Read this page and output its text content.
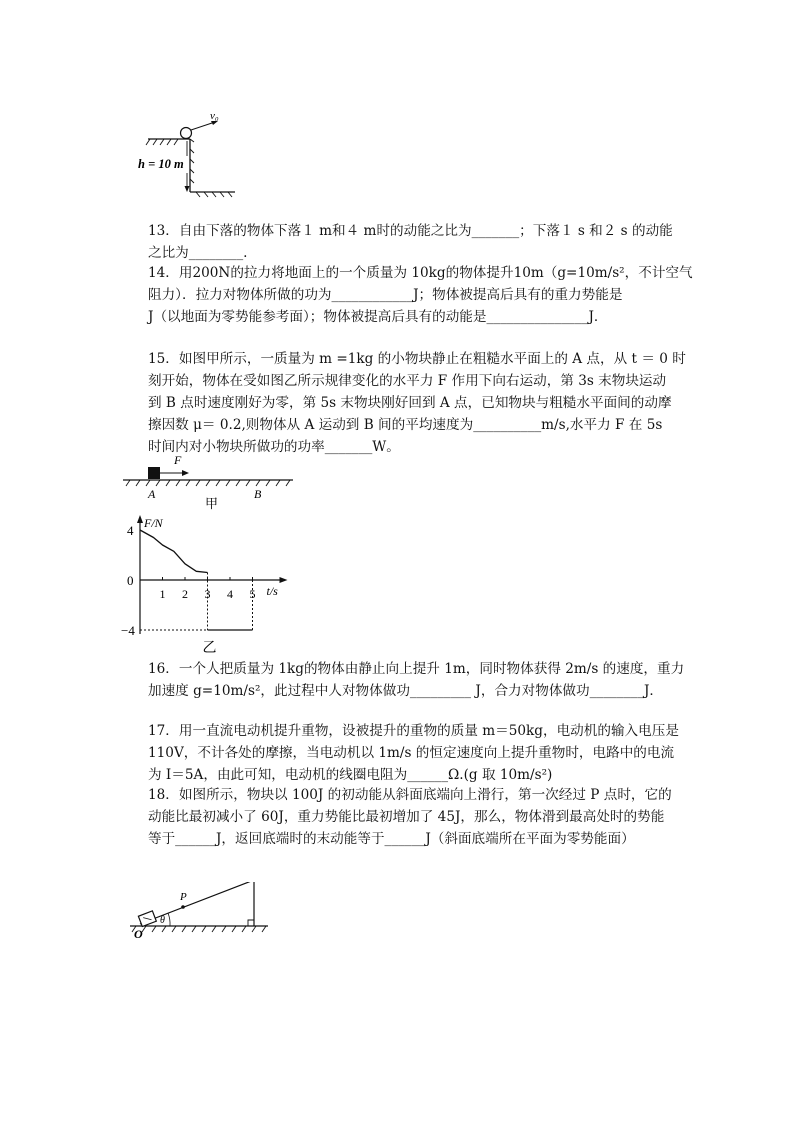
v₀
h = 10 m
13．自由下落的物体下落１ m和４ m时的动能之比为_______；下落１ s 和２ s 的动能
之比为________.
14．用200N的拉力将地面上的一个质量为 10kg的物体提升10m（g=10m/s²，不计空气
阻力）．拉力对物体所做的功为____________J；物体被提高后具有的重力势能是
J（以地面为零势能参考面）；物体被提高后具有的动能是_______________J．
15．如图甲所示，一质量为 m =1kg 的小物块静止在粗糙水平面上的 A 点，从 t ＝ 0 时
刻开始，物体在受如图乙所示规律变化的水平力 F 作用下向右运动，第 3s 末物块运动
到 B 点时速度刚好为零，第 5s 末物块刚好回到 A 点，已知物块与粗糙水平面间的动摩
擦因数 μ＝ 0.2,则物体从 A 运动到 B 间的平均速度为__________m/s,水平力 F 在 5s
时间内对小物块所做功的功率_______W。
F
A
甲
B
1 2 3 4 5
4
0
−4
F/N
t/s
乙
16．一个人把质量为 1kg的物体由静止向上提升 1m，同时物体获得 2m/s 的速度，重力
加速度 g=10m/s²，此过程中人对物体做功_________ J，合力对物体做功________J．
17．用一直流电动机提升重物，设被提升的重物的质量 m＝50kg，电动机的输入电压是
110V，不计各处的摩擦，当电动机以 1m/s 的恒定速度向上提升重物时，电路中的电流
为 I＝5A，由此可知，电动机的线圈电阻为______Ω.(g 取 10m/s²)
18．如图所示，物块以 100J 的初动能从斜面底端向上滑行，第一次经过 P 点时，它的
动能比最初减小了 60J，重力势能比最初增加了 45J，那么，物体滑到最高处时的势能
等于______J，返回底端时的末动能等于______J（斜面底端所在平面为零势能面）
θ
P
O
